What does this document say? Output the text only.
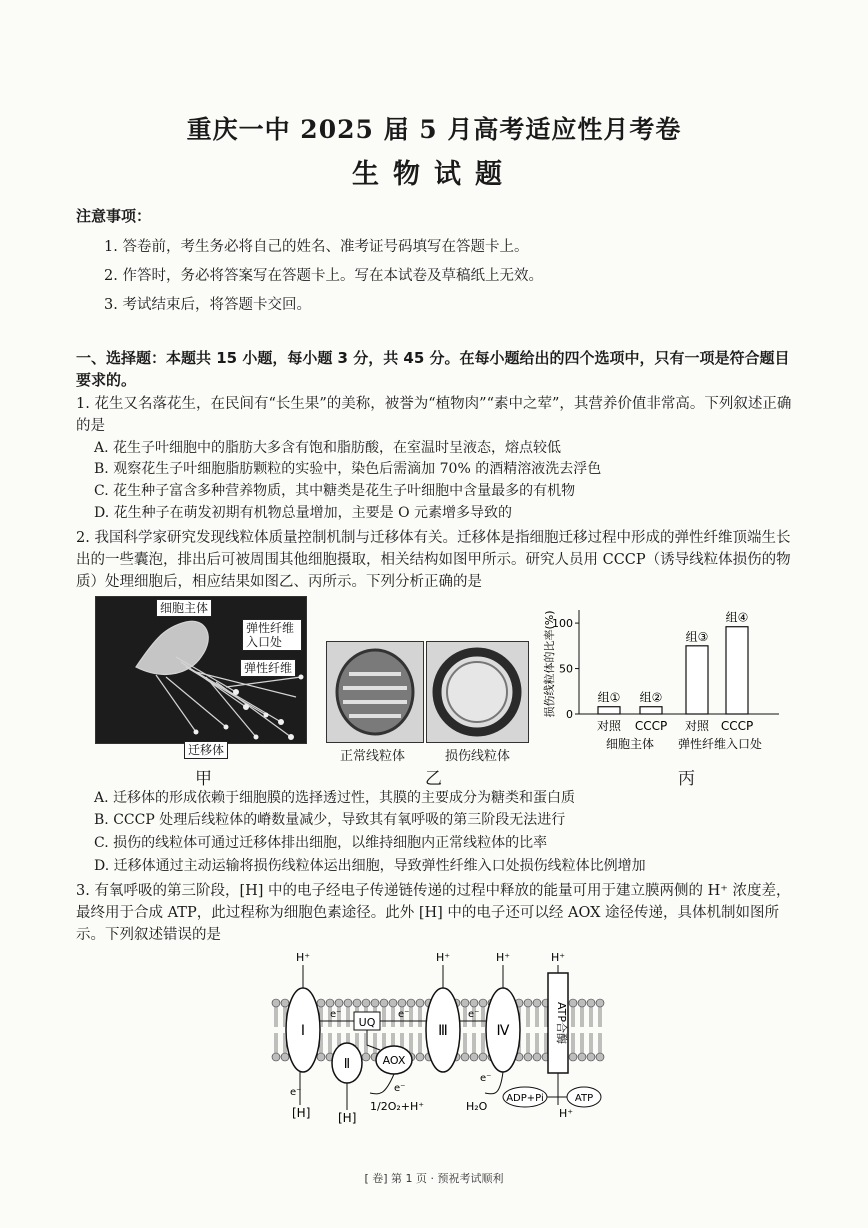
重庆一中 2025 届 5 月高考适应性月考卷
生物试题
注意事项：
1. 答卷前，考生务必将自己的姓名、准考证号码填写在答题卡上。
2. 作答时，务必将答案写在答题卡上。写在本试卷及草稿纸上无效。
3. 考试结束后，将答题卡交回。
一、选择题：本题共 15 小题，每小题 3 分，共 45 分。在每小题给出的四个选项中，只有一项是符合题目要求的。
1. 花生又名落花生，在民间有“长生果”的美称，被誉为“植物肉”“素中之荤”，其营养价值非常高。下列叙述正确的是
A. 花生子叶细胞中的脂肪大多含有饱和脂肪酸，在室温时呈液态，熔点较低
B. 观察花生子叶细胞脂肪颗粒的实验中，染色后需滴加 70% 的酒精溶液洗去浮色
C. 花生种子富含多种营养物质，其中糖类是花生子叶细胞中含量最多的有机物
D. 花生种子在萌发初期有机物总量增加，主要是 O 元素增多导致的
2. 我国科学家研究发现线粒体质量控制机制与迁移体有关。迁移体是指细胞迁移过程中形成的弹性纤维顶端生长出的一些囊泡，排出后可被周围其他细胞摄取，相关结构如图甲所示。研究人员用 CCCP（诱导线粒体损伤的物质）处理细胞后，相应结果如图乙、丙所示。下列分析正确的是
细胞主体
弹性纤维入口处
弹性纤维
迁移体
甲
正常线粒体	损伤线粒体
乙
0
50
100
损伤线粒体的比率(%)	组①
对照
组②
CCCP
组③
对照
组④
CCCP
细胞主体 弹性纤维入口处
丙
A. 迁移体的形成依赖于细胞膜的选择透过性，其膜的主要成分为糖类和蛋白质
B. CCCP 处理后线粒体的嵴数量减少，导致其有氧呼吸的第三阶段无法进行
C. 损伤的线粒体可通过迁移体排出细胞，以维持细胞内正常线粒体的比率
D. 迁移体通过主动运输将损伤线粒体运出细胞，导致弹性纤维入口处损伤线粒体比例增加
3. 有氧呼吸的第三阶段，[H] 中的电子经电子传递链传递的过程中释放的能量可用于建立膜两侧的 H⁺ 浓度差，最终用于合成 ATP，此过程称为细胞色素途径。此外 [H] 中的电子还可以经 AOX 途径传递，具体机制如图所示。下列叙述错误的是
Ⅰ
Ⅱ
UQ
AOX
Ⅲ	Ⅳ	ATP合酶
H⁺	H⁺	H⁺	H⁺
H⁺
e⁻	e⁻	e⁻
e⁻	e⁻
e⁻
[H] [H]
1/2O₂+H⁺	H₂O
ADP+Pi	ATP
[ 卷] 第 1 页 · 预祝考试顺利
